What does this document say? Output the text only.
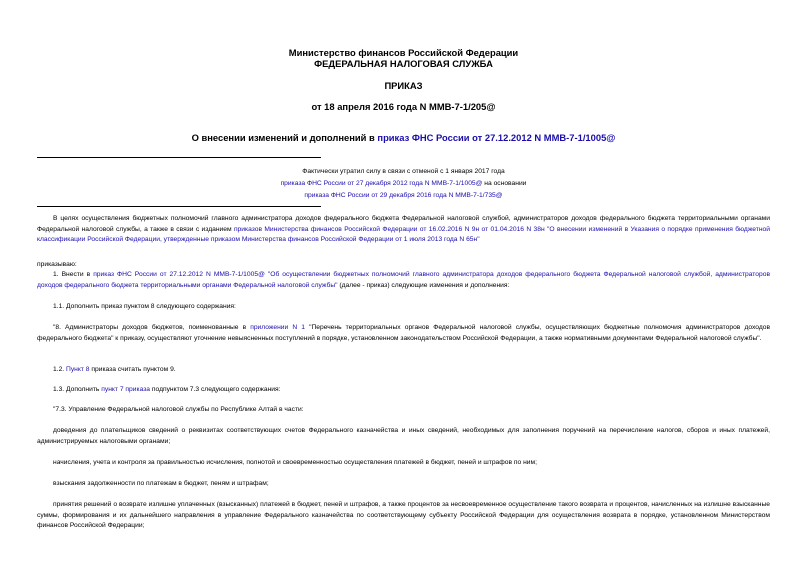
Министерство финансов Российской Федерации
ФЕДЕРАЛЬНАЯ НАЛОГОВАЯ СЛУЖБА
ПРИКАЗ
от 18 апреля 2016 года N ММВ-7-1/205@
О внесении изменений и дополнений в приказ ФНС России от 27.12.2012 N ММВ-7-1/1005@
Фактически утратил силу в связи с отменой с 1 января 2017 года
приказа ФНС России от 27 декабря 2012 года N ММВ-7-1/1005@ на основании
приказа ФНС России от 29 декабря 2016 года N ММВ-7-1/735@
В целях осуществления бюджетных полномочий главного администратора доходов федерального бюджета Федеральной налоговой службой, администраторов доходов федерального бюджета территориальными органами Федеральной налоговой службы, а также в связи с изданием приказов Министерства финансов Российской Федерации от 16.02.2016 N 9н от 01.04.2016 N 38н "О внесении изменений в Указания о порядке применения бюджетной классификации Российской Федерации, утвержденные приказом Министерства финансов Российской Федерации от 1 июля 2013 года N 65н"
приказываю:
1. Внести в приказ ФНС России от 27.12.2012 N ММВ-7-1/1005@ "Об осуществлении бюджетных полномочий главного администратора доходов федерального бюджета Федеральной налоговой службой, администраторов доходов федерального бюджета территориальными органами Федеральной налоговой службы" (далее - приказ) следующие изменения и дополнения:
1.1. Дополнить приказ пунктом 8 следующего содержания:
"8. Администраторы доходов бюджетов, поименованные в приложении N 1 "Перечень территориальных органов Федеральной налоговой службы, осуществляющих бюджетные полномочия администраторов доходов федерального бюджета" к приказу, осуществляют уточнение невыясненных поступлений в порядке, установленном законодательством Российской Федерации, а также нормативными документами Федеральной налоговой службы".
1.2. Пункт 8 приказа считать пунктом 9.
1.3. Дополнить пункт 7 приказа подпунктом 7.3 следующего содержания:
"7.3. Управление Федеральной налоговой службы по Республике Алтай в части:
доведения до плательщиков сведений о реквизитах соответствующих счетов Федерального казначейства и иных сведений, необходимых для заполнения поручений на перечисление налогов, сборов и иных платежей, администрируемых налоговыми органами;
начисления, учета и контроля за правильностью исчисления, полнотой и своевременностью осуществления платежей в бюджет, пеней и штрафов по ним;
взыскания задолженности по платежам в бюджет, пеням и штрафам;
принятия решений о возврате излишне уплаченных (взысканных) платежей в бюджет, пеней и штрафов, а также процентов за несвоевременное осуществление такого возврата и процентов, начисленных на излишне взысканные суммы, формирования и их дальнейшего направления в управление Федерального казначейства по соответствующему субъекту Российской Федерации для осуществления возврата в порядке, установленном Министерством финансов Российской Федерации;
